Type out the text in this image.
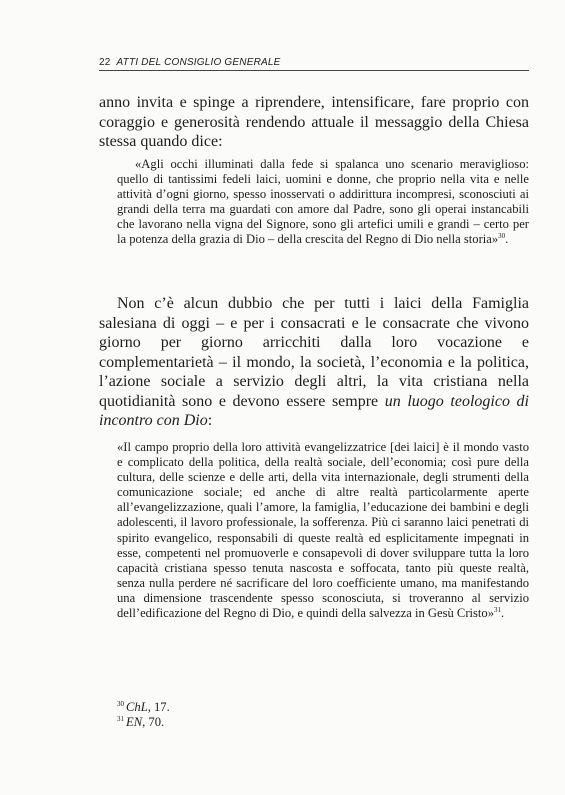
22 ATTI DEL CONSIGLIO GENERALE

anno invita e spinge a riprendere, intensificare, fare proprio con coraggio e generosità rendendo attuale il messaggio della Chiesa stessa quando dice:

«Agli occhi illuminati dalla fede si spalanca uno scenario meraviglioso: quello di tantissimi fedeli laici, uomini e donne, che proprio nella vita e nelle attività d’ogni giorno, spesso inosservati o addirittura incompresi, sconosciuti ai grandi della terra ma guardati con amore dal Padre, sono gli operai instancabili che lavorano nella vigna del Signore, sono gli artefici umili e grandi – certo per la potenza della grazia di Dio – della crescita del Regno di Dio nella storia»$^{30}$.

Non c’è alcun dubbio che per tutti i laici della Famiglia salesiana di oggi – e per i consacrati e le consacrate che vivono giorno per giorno arricchiti dalla loro vocazione e complementarietà – il mondo, la società, l’economia e la politica, l’azione sociale a servizio degli altri, la vita cristiana nella quotidianità sono e devono essere sempre un luogo teologico di incontro con Dio:

«Il campo proprio della loro attività evangelizzatrice [dei laici] è il mondo vasto e complicato della politica, della realtà sociale, dell’economia; così pure della cultura, delle scienze e delle arti, della vita internazionale, degli strumenti della comunicazione sociale; ed anche di altre realtà particolarmente aperte all’evangelizzazione, quali l’amore, la famiglia, l’educazione dei bambini e degli adolescenti, il lavoro professionale, la sofferenza. Più ci saranno laici penetrati di spirito evangelico, responsabili di queste realtà ed esplicitamente impegnati in esse, competenti nel promuoverle e consapevoli di dover sviluppare tutta la loro capacità cristiana spesso tenuta nascosta e soffocata, tanto più queste realtà, senza nulla perdere né sacrificare del loro coefficiente umano, ma manifestando una dimensione trascendente spesso sconosciuta, si troveranno al servizio dell’edificazione del Regno di Dio, e quindi della salvezza in Gesù Cristo»$^{31}$.

$^{30}$ ChL, 17.
$^{31}$ EN, 70.
